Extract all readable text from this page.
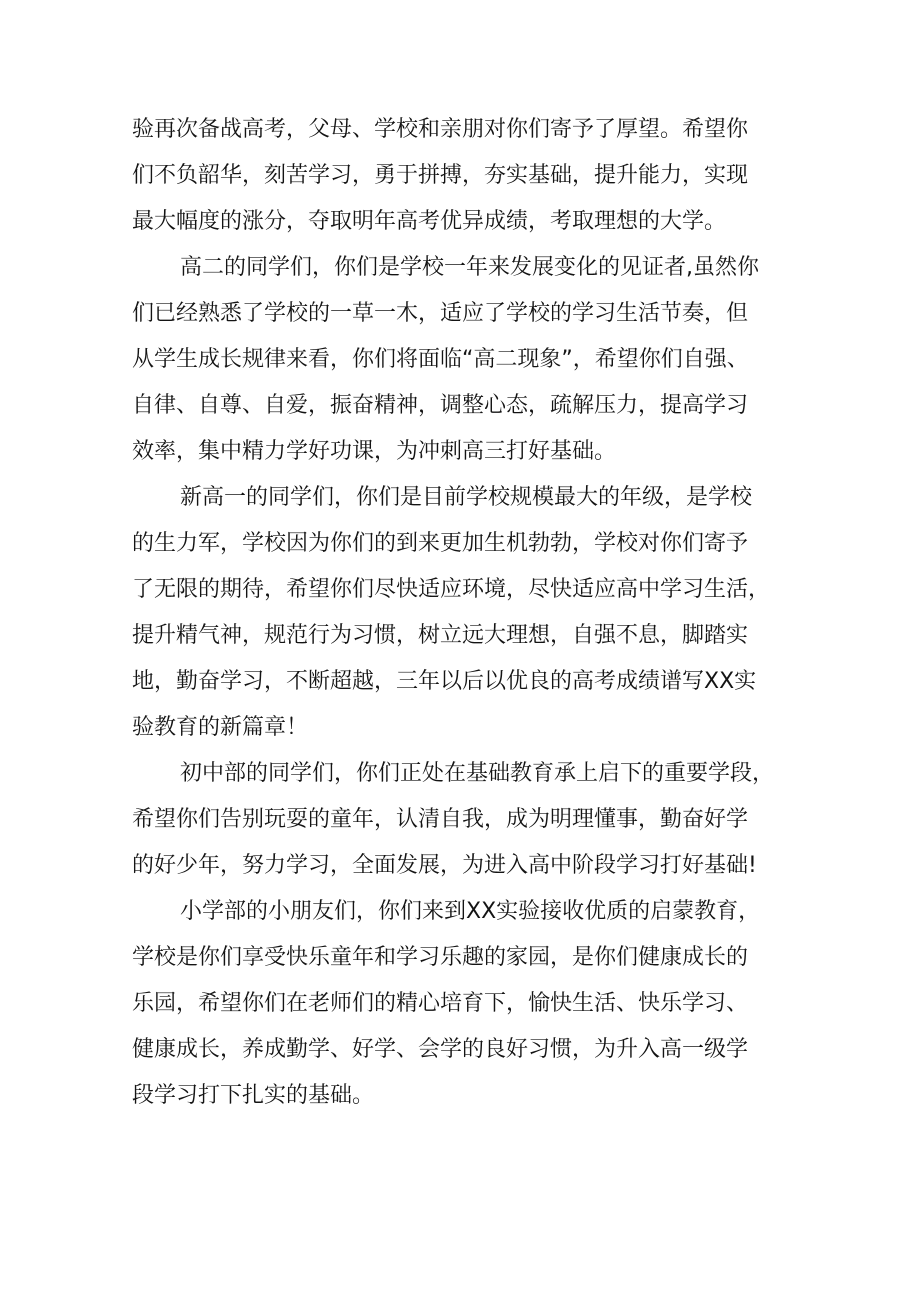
验再次备战高考，父母、学校和亲朋对你们寄予了厚望。希望你
们不负韶华，刻苦学习，勇于拼搏，夯实基础，提升能力，实现
最大幅度的涨分，夺取明年高考优异成绩，考取理想的大学。
高二的同学们，你们是学校一年来发展变化的见证者,虽然你
们已经熟悉了学校的一草一木，适应了学校的学习生活节奏，但
从学生成长规律来看，你们将面临“高二现象”，希望你们自强、
自律、自尊、自爱，振奋精神，调整心态，疏解压力，提高学习
效率，集中精力学好功课，为冲刺高三打好基础。
新高一的同学们，你们是目前学校规模最大的年级，是学校
的生力军，学校因为你们的到来更加生机勃勃，学校对你们寄予
了无限的期待，希望你们尽快适应环境，尽快适应高中学习生活，
提升精气神，规范行为习惯，树立远大理想，自强不息，脚踏实
地，勤奋学习，不断超越，三年以后以优良的高考成绩谱写XX实
验教育的新篇章！
初中部的同学们，你们正处在基础教育承上启下的重要学段，
希望你们告别玩耍的童年，认清自我，成为明理懂事，勤奋好学
的好少年，努力学习，全面发展，为进入高中阶段学习打好基础!
小学部的小朋友们，你们来到XX实验接收优质的启蒙教育，
学校是你们享受快乐童年和学习乐趣的家园，是你们健康成长的
乐园，希望你们在老师们的精心培育下，愉快生活、快乐学习、
健康成长，养成勤学、好学、会学的良好习惯，为升入高一级学
段学习打下扎实的基础。
